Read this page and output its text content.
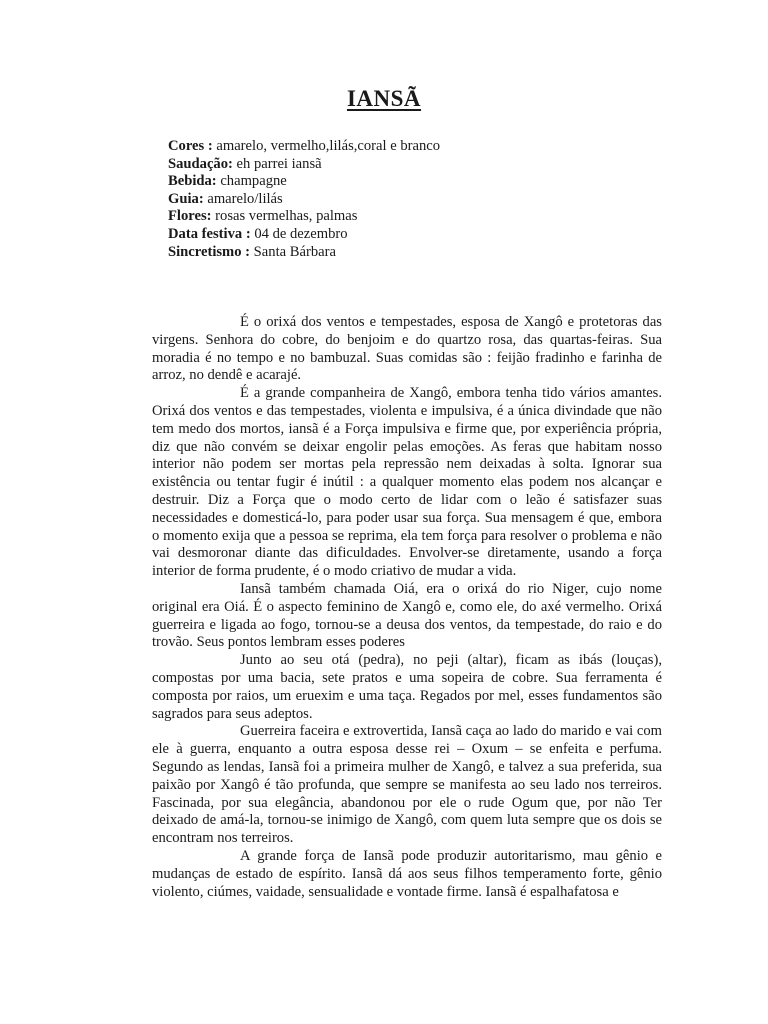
IANSÃ
Cores : amarelo, vermelho,lilás,coral e branco
Saudação: eh parrei iansã
Bebida: champagne
Guia: amarelo/lilás
Flores: rosas vermelhas, palmas
Data festiva : 04 de dezembro
Sincretismo : Santa Bárbara

É o orixá dos ventos e tempestades, esposa de Xangô e protetoras das virgens. Senhora do cobre, do benjoim e do quartzo rosa, das quartas-feiras. Sua moradia é no tempo e no bambuzal. Suas comidas são : feijão fradinho e farinha de arroz, no dendê e acarajé.

É a grande companheira de Xangô, embora tenha tido vários amantes. Orixá dos ventos e das tempestades, violenta e impulsiva, é a única divindade que não tem medo dos mortos, iansã é a Força impulsiva e firme que, por experiência própria, diz que não convém se deixar engolir pelas emoções. As feras que habitam nosso interior não podem ser mortas pela repressão nem deixadas à solta. Ignorar sua existência ou tentar fugir é inútil : a qualquer momento elas podem nos alcançar e destruir. Diz a Força que o modo certo de lidar com o leão é satisfazer suas necessidades e domesticá-lo, para poder usar sua força. Sua mensagem é que, embora o momento exija que a pessoa se reprima, ela tem força para resolver o problema e não vai desmoronar diante das dificuldades. Envolver-se diretamente, usando a força interior de forma prudente, é o modo criativo de mudar a vida.

Iansã também chamada Oiá, era o orixá do rio Niger, cujo nome original era Oiá. É o aspecto feminino de Xangô e, como ele, do axé vermelho. Orixá guerreira e ligada ao fogo, tornou-se a deusa dos ventos, da tempestade, do raio e do trovão. Seus pontos lembram esses poderes

Junto ao seu otá (pedra), no peji (altar), ficam as ibás (louças), compostas por uma bacia, sete pratos e uma sopeira de cobre. Sua ferramenta é composta por raios, um eruexim e uma taça. Regados por mel, esses fundamentos são sagrados para seus adeptos.

Guerreira faceira e extrovertida, Iansã caça ao lado do marido e vai com ele à guerra, enquanto a outra esposa desse rei – Oxum – se enfeita e perfuma. Segundo as lendas, Iansã foi a primeira mulher de Xangô, e talvez a sua preferida, sua paixão por Xangô é tão profunda, que sempre se manifesta ao seu lado nos terreiros. Fascinada, por sua elegância, abandonou por ele o rude Ogum que, por não Ter deixado de amá-la, tornou-se inimigo de Xangô, com quem luta sempre que os dois se encontram nos terreiros.

A grande força de Iansã pode produzir autoritarismo, mau gênio e mudanças de estado de espírito. Iansã dá aos seus filhos temperamento forte, gênio violento, ciúmes, vaidade, sensualidade e vontade firme. Iansã é espalhafatosa e
